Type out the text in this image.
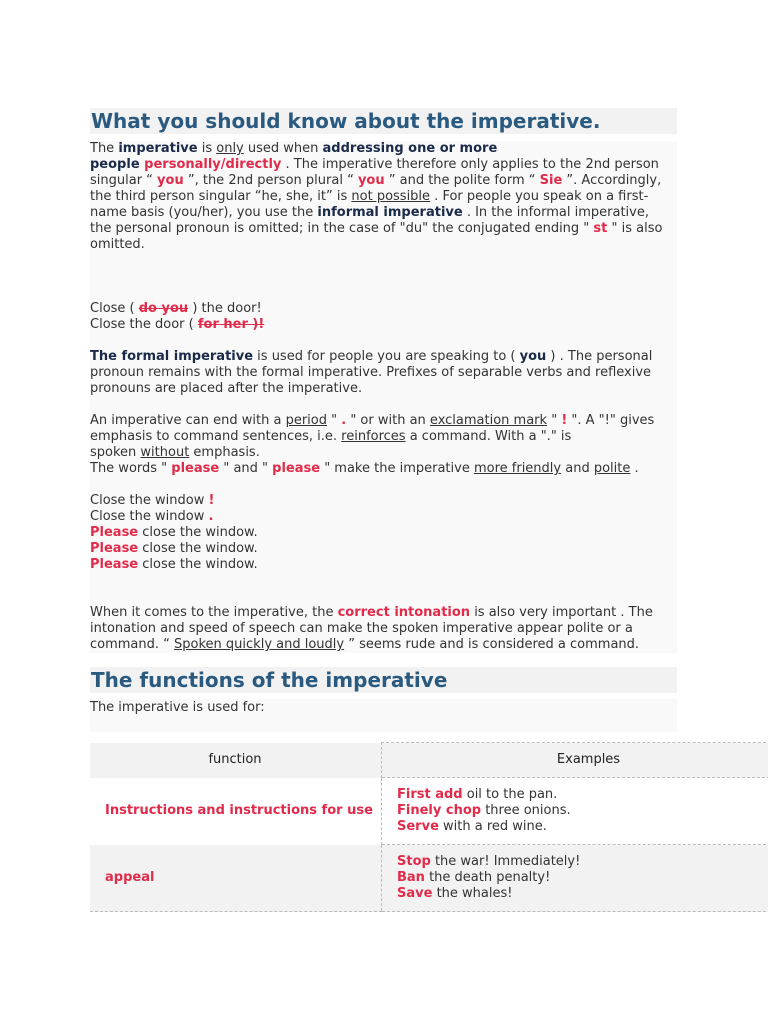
What you should know about the imperative.
The imperative is only used when addressing one or more
people personally/directly . The imperative therefore only applies to the 2nd person
singular “ you ”, the 2nd person plural “ you ” and the polite form “ Sie ”. Accordingly,
the third person singular “he, she, it” is not possible . For people you speak on a first-
name basis (you/her), you use the informal imperative . In the informal imperative,
the personal pronoun is omitted; in the case of "du" the conjugated ending " st " is also
omitted.
Close ( do you ) the door!
Close the door ( for her )!
The formal imperative is used for people you are speaking to ( you ) . The personal
pronoun remains with the formal imperative. Prefixes of separable verbs and reflexive
pronouns are placed after the imperative.
An imperative can end with a period " . " or with an exclamation mark " ! ". A "!" gives
emphasis to command sentences, i.e. reinforces a command. With a "." is
spoken without emphasis.
The words " please " and " please " make the imperative more friendly and polite .
Close the window !
Close the window .
Please close the window.
Please close the window.
Please close the window.
When it comes to the imperative, the correct intonation is also very important . The
intonation and speed of speech can make the spoken imperative appear polite or a
command. “ Spoken quickly and loudly ” seems rude and is considered a command.
The functions of the imperative
The imperative is used for:
function	Examples
Instructions and instructions for use	First add oil to the pan.
Finely chop three onions.
Serve with a red wine.

appeal	Stop the war! Immediately!
Ban the death penalty!
Save the whales!
